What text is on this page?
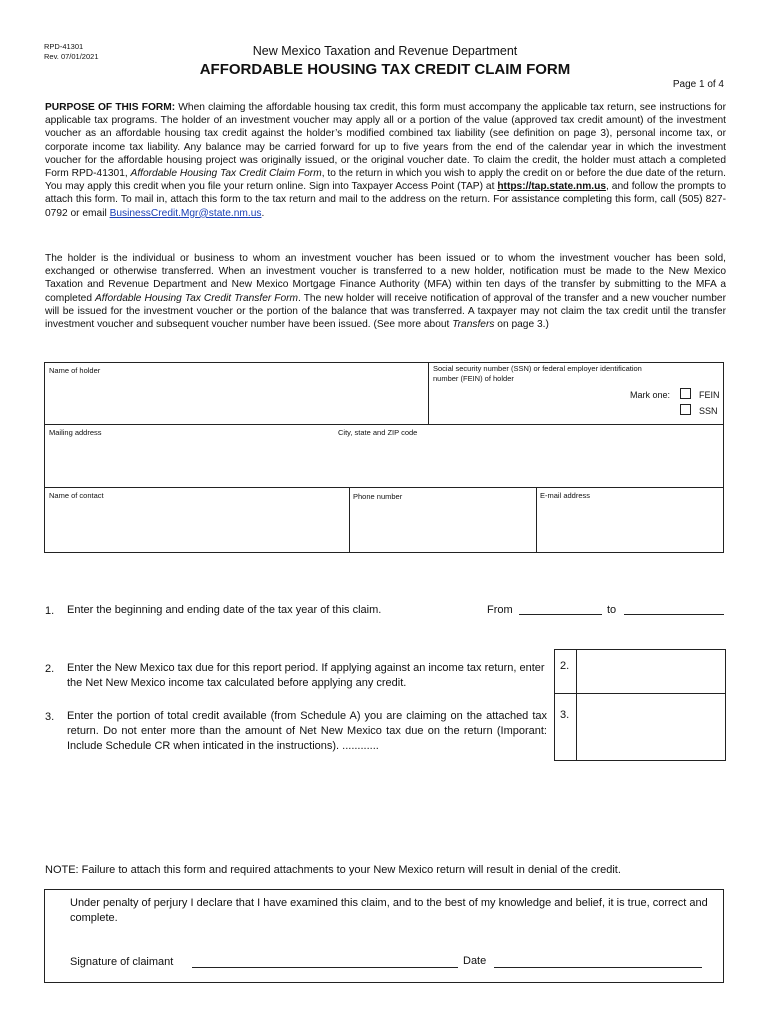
RPD-41301
Rev. 07/01/2021	New Mexico Taxation and Revenue Department
AFFORDABLE HOUSING TAX CREDIT CLAIM FORM
Page 1 of 4
PURPOSE OF THIS FORM: When claiming the affordable housing tax credit, this form must accompany the applicable tax return, see instructions for applicable tax programs. The holder of an investment voucher may apply all or a portion of the value (approved tax credit amount) of the investment voucher as an affordable housing tax credit against the holder’s modified combined tax liability (see definition on page 3), personal income tax, or corporate income tax liability. Any balance may be carried forward for up to five years from the end of the calendar year in which the investment voucher for the affordable housing project was originally issued, or the original voucher date. To claim the credit, the holder must attach a completed Form RPD-41301, Affordable Housing Tax Credit Claim Form, to the return in which you wish to apply the credit on or before the due date of the return. You may apply this credit when you file your return online. Sign into Taxpayer Access Point (TAP) at https://tap.state.nm.us, and follow the prompts to attach this form. To mail in, attach this form to the tax return and mail to the address on the return. For assistance completing this form, call (505) 827-0792 or email BusinessCredit.Mgr@state.nm.us.
The holder is the individual or business to whom an investment voucher has been issued or to whom the investment voucher has been sold, exchanged or otherwise transferred. When an investment voucher is transferred to a new holder, notification must be made to the New Mexico Taxation and Revenue Department and New Mexico Mortgage Finance Authority (MFA) within ten days of the transfer by submitting to the MFA a completed Affordable Housing Tax Credit Transfer Form. The new holder will receive notification of approval of the transfer and a new voucher number will be issued for the investment voucher or the portion of the balance that was transferred. A taxpayer may not claim the tax credit until the transfer investment voucher and subsequent voucher number have been issued. (See more about Transfers on page 3.)
Name of holder	Social security number (SSN) or federal employer identification number (FEIN) of holder
Mark one:	FEIN
SSN
Mailing address	City, state and ZIP code
Name of contact	Phone number	E-mail address
1. Enter the beginning and ending date of the tax year of this claim.	From	to
2. Enter the New Mexico tax due for this report period. If applying against an income tax return, enter the Net New Mexico income tax calculated before applying any credit.
2.
3. Enter the portion of total credit available (from Schedule A) you are claiming on the attached tax return. Do not enter more than the amount of Net New Mexico tax due on the return (Imporant: Include Schedule CR when inticated in the instructions). ............
3.
NOTE: Failure to attach this form and required attachments to your New Mexico return will result in denial of the credit.
Under penalty of perjury I declare that I have examined this claim, and to the best of my knowledge and belief, it is true, correct and complete.
Signature of claimant	Date
